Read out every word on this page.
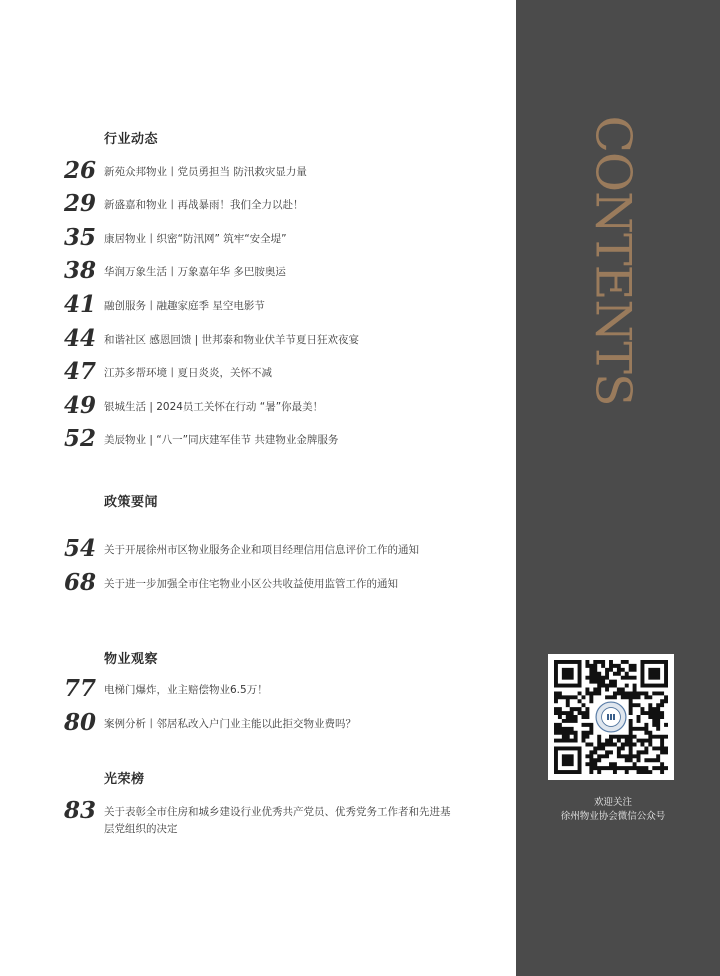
行业动态
26 新苑众邦物业丨党员勇担当 防汛救灾显力量
29 新盛嘉和物业丨再战暴雨！我们全力以赴！
35 康居物业丨织密“防汛网” 筑牢“安全堤”
38 华润万象生活丨万象嘉年华 多巴胺奥运
41 融创服务丨融趣家庭季 星空电影节
44 和谐社区 感恩回馈 | 世邦泰和物业伏羊节夏日狂欢夜宴
47 江苏多帮环境丨夏日炎炎，关怀不减
49 银城生活 | 2024员工关怀在行动 “暑”你最美！
52 美辰物业 | “八一”同庆建军佳节 共建物业金牌服务
政策要闻
54 关于开展徐州市区物业服务企业和项目经理信用信息评价工作的通知
68 关于进一步加强全市住宅物业小区公共收益使用监管工作的通知
物业观察
77 电梯门爆炸，业主赔偿物业6.5万！
80 案例分析丨邻居私改入户门业主能以此拒交物业费吗？
光荣榜
83 关于表彰全市住房和城乡建设行业优秀共产党员、优秀党务工作者和先进基层党组织的决定
CONTENTS
欢迎关注
徐州物业协会微信公众号
